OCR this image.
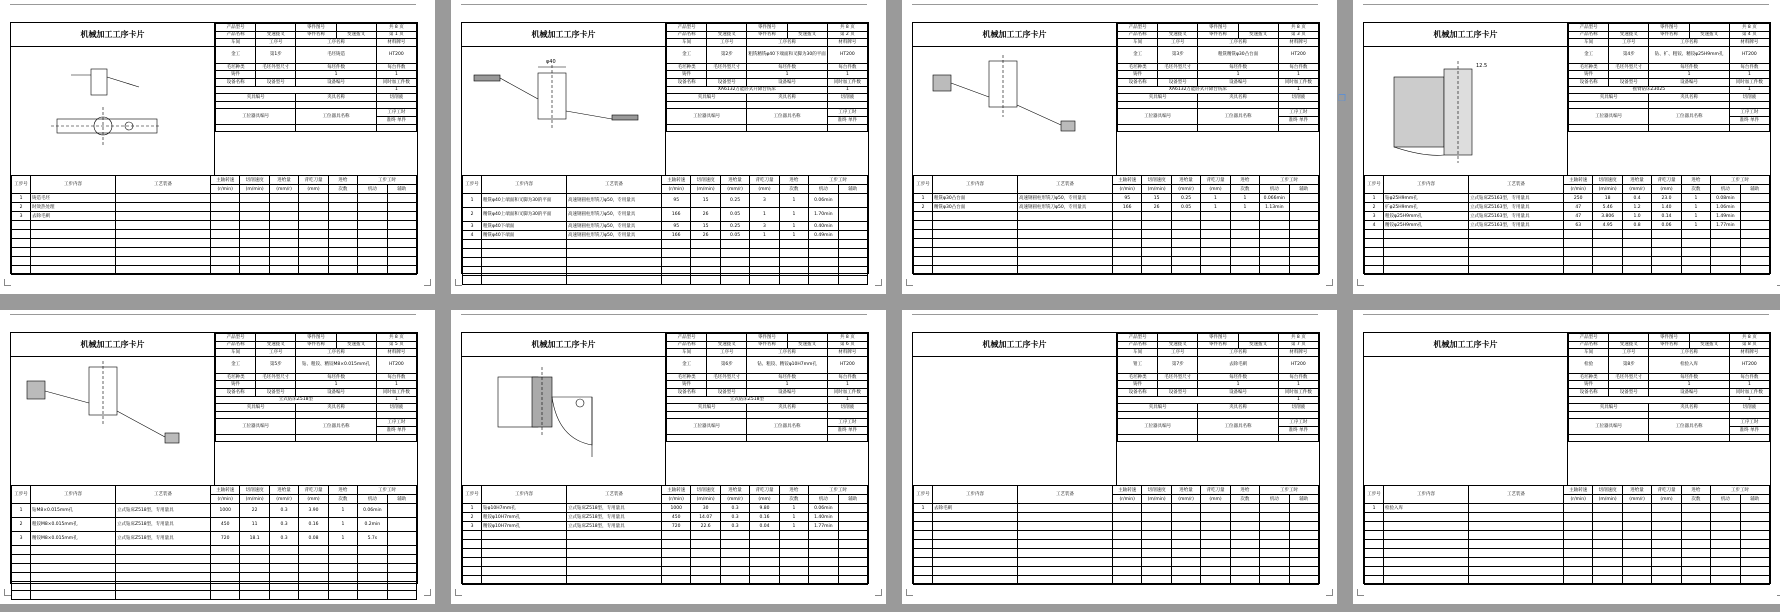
机械加工工序卡片
产品型号		零件图号		共 8 页
产品名称	变速拨叉	零件名称	变速拨叉	第 1 页
车间	工序号	工序名称		材料牌号
金工	第1步	毛坯铸造		HT200
毛坯种类	毛坯外型尺寸	每坯件数		每台件数
铸件		1		1
设备名称	设备型号	设备编号		同时加工件数
				1
夹具编号		夹具名称		切削液

工位器具编号		工位器具名称		工序工时
				准终 单件

工步号	工步内容	工艺装备	主轴转速	切削速度	进给量	背吃刀量	进给	工步工时	
			(r/min)	(m/min)	(mm/r)	(mm)	次数	机动	辅助
1	铸造毛坯								
2	时效热处理								
3	去除毛刺								

机械加工工序卡片
φ40
产品型号		零件图号		共 8 页
产品名称	变速拨叉	零件名称	变速拨叉	第 2 页
车间	工序号	工序名称		材料牌号
金工	第2步	粗铣精铣φ40下端面和叉脚为30的平面		HT200
毛坯种类	毛坯外型尺寸	每坯件数		每台件数
铸件		1		1
设备名称	设备型号	设备编号		同时加工件数
XA6132万能卧式升降台铣床				1
夹具编号		夹具名称		切削液

工位器具编号		工位器具名称		工序工时
				准终 单件

工步号	工步内容	工艺装备	主轴转速	切削速度	进给量	背吃刀量	进给	工步工时	
			(r/min)	(m/min)	(mm/r)	(mm)	次数	机动	辅助
1	粗铣φ40上端面和叉脚为30的平面	高速钢圆柱形铣刀φ50，专用量具	95	15	0.25	3	1	0.06min	
2	精铣φ40上端面和叉脚为30的平面	高速钢圆柱形铣刀φ50，专用量具	166	26	0.05	1	1	1.70min	
3	粗铣φ40下端面	高速钢圆柱形铣刀φ50，专用量具	95	15	0.25	3	1	0.40min	
4	精铣φ40下端面	高速钢圆柱形铣刀φ50，专用量具	166	26	0.05	1	1	0.49min	

机械加工工序卡片
产品型号		零件图号		共 8 页
产品名称	变速拨叉	零件名称	变速拨叉	第 3 页
车间	工序号	工序名称		材料牌号
金工	第3步	粗铣精铣φ30凸台面		HT200
毛坯种类	毛坯外型尺寸	每坯件数		每台件数
铸件		1		1
设备名称	设备型号	设备编号		同时加工件数
XA6132万能卧式升降台铣床				1
夹具编号		夹具名称		切削液

工位器具编号		工位器具名称		工序工时
				准终 单件

工步号	工步内容	工艺装备	主轴转速	切削速度	进给量	背吃刀量	进给	工步工时	
			(r/min)	(m/min)	(mm/r)	(mm)	次数	机动	辅助
1	粗铣φ30凸台面	高速钢圆柱形铣刀φ50，专用量具	95	15	0.25	1	1	0.066min	
2	精铣φ30凸台面	高速钢圆柱形铣刀φ50，专用量具	166	26	0.05	1	1	1.13min	

机械加工工序卡片
12.5
产品型号		零件图号		共 8 页
产品名称	变速拨叉	零件名称	变速拨叉	第 4 页
车间	工序号	工序名称		材料牌号
金工	第4步	钻、扩、粗铰、精铰φ25H9mm孔		HT200
毛坯种类	毛坯外型尺寸	每坯件数		每台件数
铸件		1		1
设备名称	设备型号	设备编号		同时加工件数
摇臂钻床Z3025				1
夹具编号		夹具名称		切削液

工位器具编号		工位器具名称		工序工时
				准终 单件

工步号	工步内容	工艺装备	主轴转速	切削速度	进给量	背吃刀量	进给	工步工时	
			(r/min)	(m/min)	(mm/r)	(mm)	次数	机动	辅助
1	钻φ25H9mm孔	立式钻床Z5163型，专用量具	250	18	0.4	23.0	1	0.08min	
2	扩φ25H9mm孔	立式钻床Z5163型，专用量具	47	5.46	1.2	1.40	1	1.06min	
3	粗铰φ25H9mm孔	立式钻床Z5163型，专用量具	47	3.806	1.0	0.14	1	1.49min	
4	精铰φ25H9mm孔	立式钻床Z5163型，专用量具	63	4.95	0.8	0.06	1	1.77min	

机械加工工序卡片
产品型号		零件图号		共 8 页
产品名称	变速拨叉	零件名称	变速拨叉	第 5 页
车间	工序号	工序名称		材料牌号
金工	第5步	钻、粗铰、精铰M8×0.015mm孔		HT200
毛坯种类	毛坯外型尺寸	每坯件数		每台件数
铸件		1		1
设备名称	设备型号	设备编号		同时加工件数
立式钻床Z518型				1
夹具编号		夹具名称		切削液

工位器具编号		工位器具名称		工序工时
				准终 单件

工步号	工步内容	工艺装备	主轴转速	切削速度	进给量	背吃刀量	进给	工步工时	
			(r/min)	(m/min)	(mm/r)	(mm)	次数	机动	辅助
1	钻M8×0.015mm孔	立式钻床Z518型，专用量具	1000	22	0.3	3.90	1	0.06min	
2	粗铰M8×0.015mm孔	立式钻床Z518型，专用量具	450	11	0.3	0.16	1	0.2min	
3	精铰M8×0.015mm孔	立式钻床Z518型，专用量具	720	18.1	0.3	0.08	1	5.7s	

机械加工工序卡片
产品型号		零件图号		共 8 页
产品名称	变速拨叉	零件名称	变速拨叉	第 6 页
车间	工序号	工序名称		材料牌号
金工	第6步	钻、粗铰、精铰φ10H7mm孔		HT200
毛坯种类	毛坯外型尺寸	每坯件数		每台件数
铸件		1		1
设备名称	设备型号	设备编号		同时加工件数
立式钻床Z518型				1
夹具编号		夹具名称		切削液

工位器具编号		工位器具名称		工序工时
				准终 单件

工步号	工步内容	工艺装备	主轴转速	切削速度	进给量	背吃刀量	进给	工步工时	
			(r/min)	(m/min)	(mm/r)	(mm)	次数	机动	辅助
1	钻φ10H7mm孔	立式钻床Z518型，专用量具	1000	30	0.3	9.80	1	0.06min	
2	粗铰φ10H7mm孔	立式钻床Z518型，专用量具	450	14.07	0.3	0.16	1	1.40min	
3	精铰φ10H7mm孔	立式钻床Z518型，专用量具	720	22.6	0.3	0.04	1	1.77min	

机械加工工序卡片
产品型号		零件图号		共 8 页
产品名称	变速拨叉	零件名称	变速拨叉	第 7 页
车间	工序号	工序名称		材料牌号
钳工	第7步	去除毛刺		HT200
毛坯种类	毛坯外型尺寸	每坯件数		每台件数
铸件		1		1
设备名称	设备型号	设备编号		同时加工件数
				1
夹具编号		夹具名称		切削液

工位器具编号		工位器具名称		工序工时
				准终 单件

工步号	工步内容	工艺装备	主轴转速	切削速度	进给量	背吃刀量	进给	工步工时	
			(r/min)	(m/min)	(mm/r)	(mm)	次数	机动	辅助
1	去除毛刺								

机械加工工序卡片
产品型号		零件图号		共 8 页
产品名称	变速拨叉	零件名称	变速拨叉	第 8 页
车间	工序号	工序名称		材料牌号
检验	第8步	检验入库		HT200
毛坯种类	毛坯外型尺寸	每坯件数		每台件数
铸件		1		1
设备名称	设备型号	设备编号		同时加工件数
				1
夹具编号		夹具名称		切削液

工位器具编号		工位器具名称		工序工时
				准终 单件

工步号	工步内容	工艺装备	主轴转速	切削速度	进给量	背吃刀量	进给	工步工时	
			(r/min)	(m/min)	(mm/r)	(mm)	次数	机动	辅助
1	检验入库								

❐
